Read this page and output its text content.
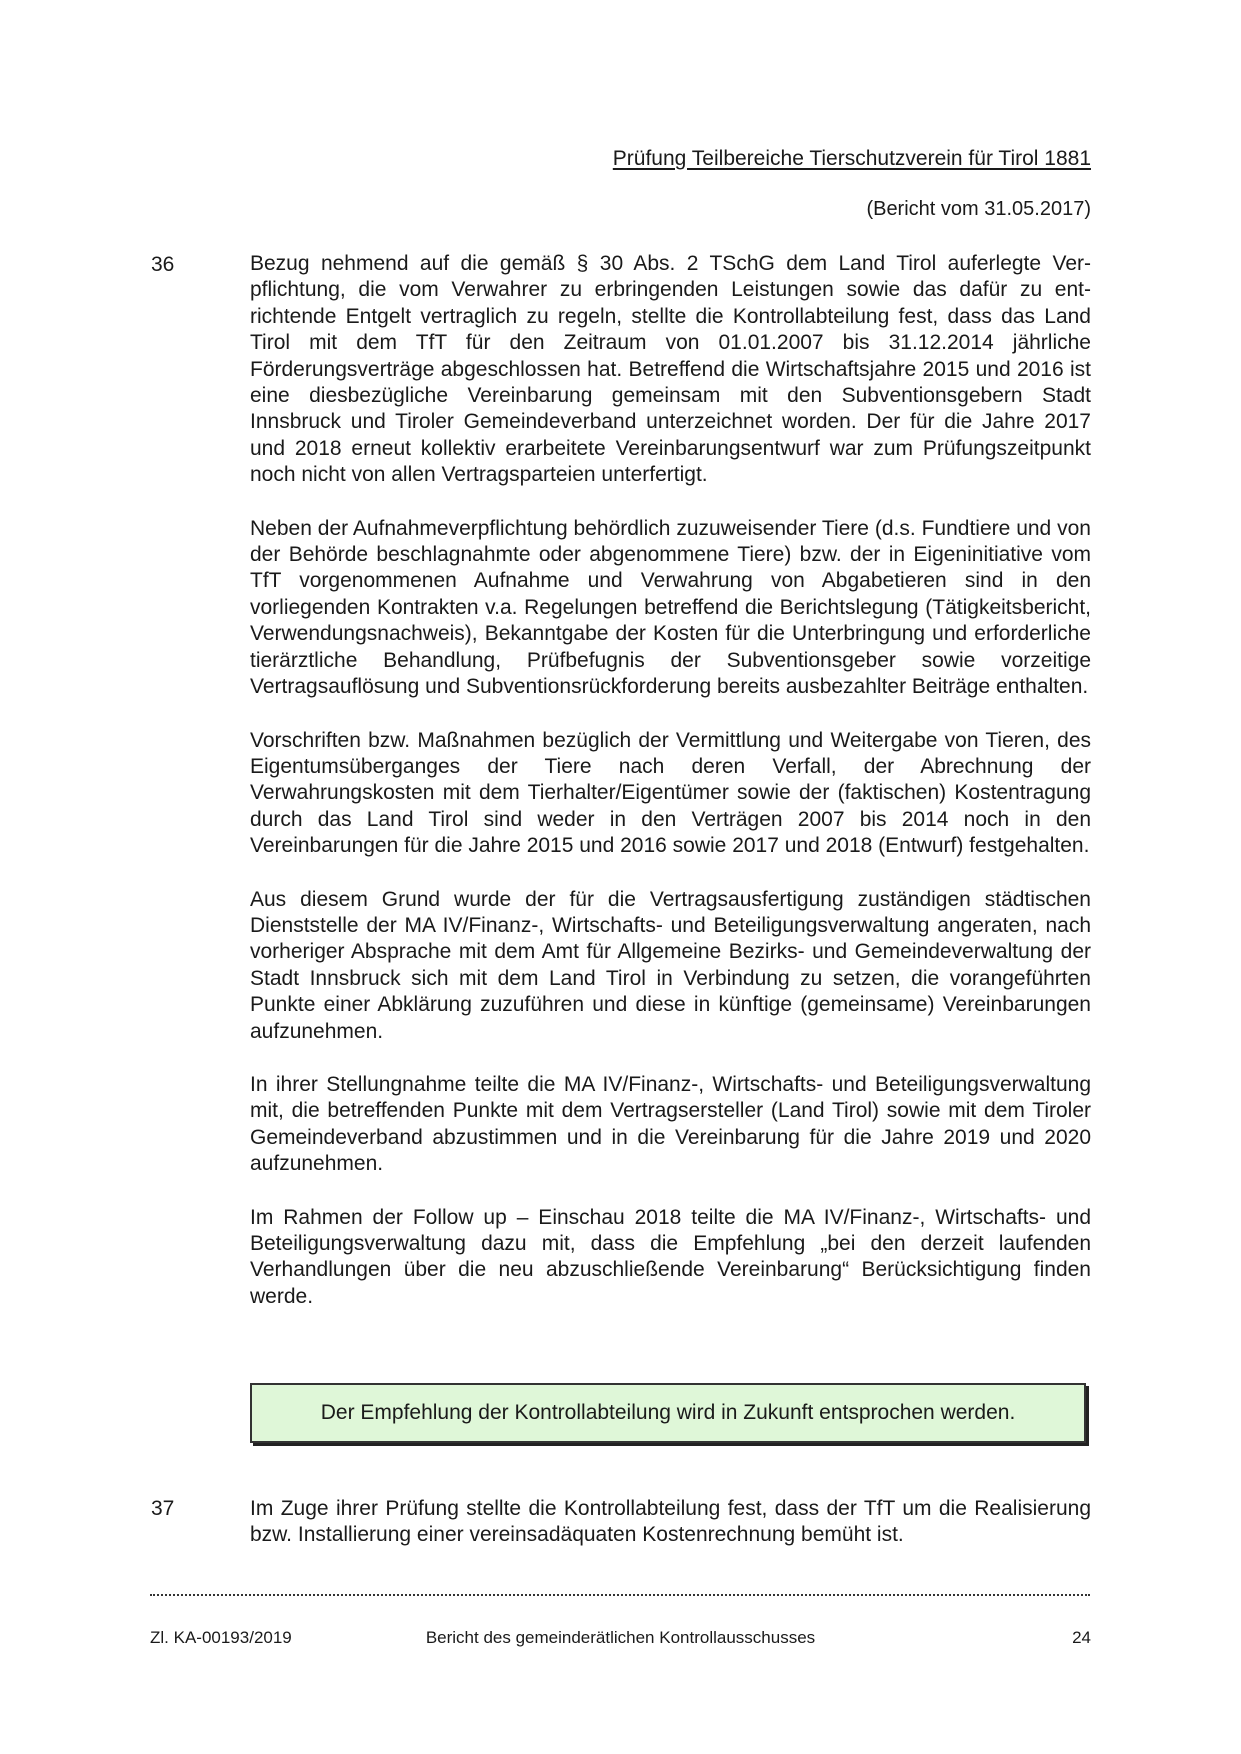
Prüfung Teilbereiche Tierschutzverein für Tirol 1881
(Bericht vom 31.05.2017)
36	Bezug nehmend auf die gemäß § 30 Abs. 2 TSchG dem Land Tirol auferlegte Verpflichtung, die vom Verwahrer zu erbringenden Leistungen sowie das dafür zu entrichtende Entgelt vertraglich zu regeln, stellte die Kontrollabteilung fest, dass das Land Tirol mit dem TfT für den Zeitraum von 01.01.2007 bis 31.12.2014 jährliche Förderungsverträge abgeschlossen hat. Betreffend die Wirtschaftsjahre 2015 und 2016 ist eine diesbezügliche Vereinbarung gemeinsam mit den Subventionsgebern Stadt Innsbruck und Tiroler Gemeindeverband unterzeichnet worden. Der für die Jahre 2017 und 2018 erneut kollektiv erarbeitete Vereinbarungsentwurf war zum Prüfungszeitpunkt noch nicht von allen Vertragsparteien unterfertigt.

Neben der Aufnahmeverpflichtung behördlich zuzuweisender Tiere (d.s. Fundtiere und von der Behörde beschlagnahmte oder abgenommene Tiere) bzw. der in Eigeninitiative vom TfT vorgenommenen Aufnahme und Verwahrung von Abgabetieren sind in den vorliegenden Kontrakten v.a. Regelungen betreffend die Berichtslegung (Tätigkeitsbericht, Verwendungsnachweis), Bekanntgabe der Kosten für die Unterbringung und erforderliche tierärztliche Behandlung, Prüfbefugnis der Subventionsgeber sowie vorzeitige Vertragsauflösung und Subventionsrückforderung bereits ausbezahlter Beiträge enthalten.

Vorschriften bzw. Maßnahmen bezüglich der Vermittlung und Weitergabe von Tieren, des Eigentumsüberganges der Tiere nach deren Verfall, der Abrechnung der Verwahrungskosten mit dem Tierhalter/Eigentümer sowie der (faktischen) Kostentragung durch das Land Tirol sind weder in den Verträgen 2007 bis 2014 noch in den Vereinbarungen für die Jahre 2015 und 2016 sowie 2017 und 2018 (Entwurf) festgehalten.

Aus diesem Grund wurde der für die Vertragsausfertigung zuständigen städtischen Dienststelle der MA IV/Finanz-, Wirtschafts- und Beteiligungsverwaltung angeraten, nach vorheriger Absprache mit dem Amt für Allgemeine Bezirks- und Gemeindeverwaltung der Stadt Innsbruck sich mit dem Land Tirol in Verbindung zu setzen, die vorangeführten Punkte einer Abklärung zuzuführen und diese in künftige (gemeinsame) Vereinbarungen aufzunehmen.

In ihrer Stellungnahme teilte die MA IV/Finanz-, Wirtschafts- und Beteiligungsverwaltung mit, die betreffenden Punkte mit dem Vertragsersteller (Land Tirol) sowie mit dem Tiroler Gemeindeverband abzustimmen und in die Vereinbarung für die Jahre 2019 und 2020 aufzunehmen.

Im Rahmen der Follow up – Einschau 2018 teilte die MA IV/Finanz-, Wirtschafts- und Beteiligungsverwaltung dazu mit, dass die Empfehlung „bei den derzeit laufenden Verhandlungen über die neu abzuschließende Vereinbarung“ Berücksichtigung finden werde.

Der Empfehlung der Kontrollabteilung wird in Zukunft entsprochen werden.
37	Im Zuge ihrer Prüfung stellte die Kontrollabteilung fest, dass der TfT um die Realisierung bzw. Installierung einer vereinsadäquaten Kostenrechnung bemüht ist.

Zl. KA-00193/2019	Bericht des gemeinderätlichen Kontrollausschusses	24
